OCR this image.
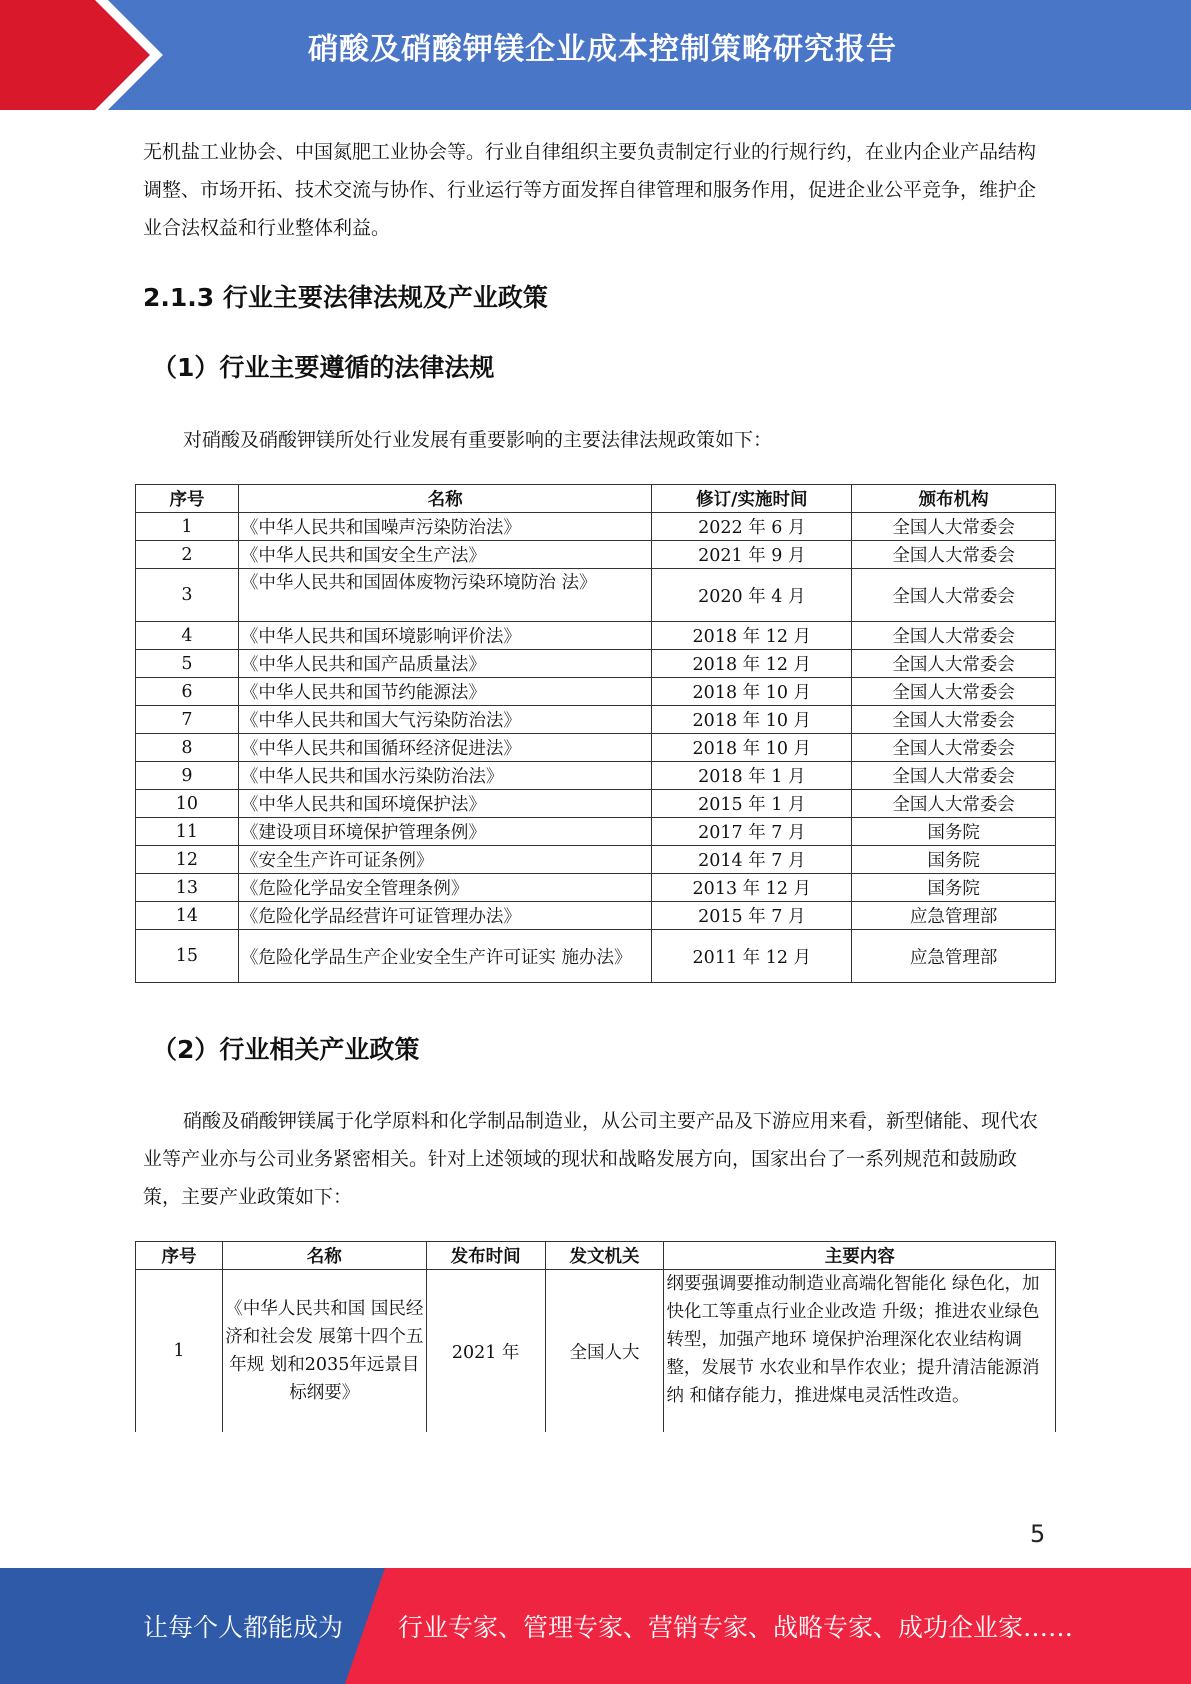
硝酸及硝酸钾镁企业成本控制策略研究报告
无机盐工业协会、中国氮肥工业协会等。行业自律组织主要负责制定行业的行规行约，在业内企业产品结构调整、市场开拓、技术交流与协作、行业运行等方面发挥自律管理和服务作用，促进企业公平竞争，维护企业合法权益和行业整体利益。
2.1.3 行业主要法律法规及产业政策
（1）行业主要遵循的法律法规
对硝酸及硝酸钾镁所处行业发展有重要影响的主要法律法规政策如下：
序号	名称	修订/实施时间	颁布机构
1	《中华人民共和国噪声污染防治法》	2022 年 6 月	全国人大常委会
2	《中华人民共和国安全生产法》	2021 年 9 月	全国人大常委会
3	《中华人民共和国固体废物污染环境防治 法》	2020 年 4 月	全国人大常委会
4	《中华人民共和国环境影响评价法》	2018 年 12 月	全国人大常委会
5	《中华人民共和国产品质量法》	2018 年 12 月	全国人大常委会
6	《中华人民共和国节约能源法》	2018 年 10 月	全国人大常委会
7	《中华人民共和国大气污染防治法》	2018 年 10 月	全国人大常委会
8	《中华人民共和国循环经济促进法》	2018 年 10 月	全国人大常委会
9	《中华人民共和国水污染防治法》	2018 年 1 月	全国人大常委会
10	《中华人民共和国环境保护法》	2015 年 1 月	全国人大常委会
11	《建设项目环境保护管理条例》	2017 年 7 月	国务院
12	《安全生产许可证条例》	2014 年 7 月	国务院
13	《危险化学品安全管理条例》	2013 年 12 月	国务院
14	《危险化学品经营许可证管理办法》	2015 年 7 月	应急管理部
15	《危险化学品生产企业安全生产许可证实 施办法》	2011 年 12 月	应急管理部
（2）行业相关产业政策
硝酸及硝酸钾镁属于化学原料和化学制品制造业，从公司主要产品及下游应用来看，新型储能、现代农业等产业亦与公司业务紧密相关。针对上述领域的现状和战略发展方向，国家出台了一系列规范和鼓励政策，主要产业政策如下：
序号	名称	发布时间	发文机关	主要内容
1	《中华人民共和国 国民经济和社会发 展第十四个五年规 划和2035年远景目 标纲要》	2021 年	全国人大	纲要强调要推动制造业高端化智能化 绿色化，加快化工等重点行业企业改造 升级；推进农业绿色转型，加强产地环 境保护治理深化农业结构调整，发展节 水农业和旱作农业；提升清洁能源消纳 和储存能力，推进煤电灵活性改造。
5
让每个人都能成为 行业专家、管理专家、营销专家、战略专家、成功企业家……
